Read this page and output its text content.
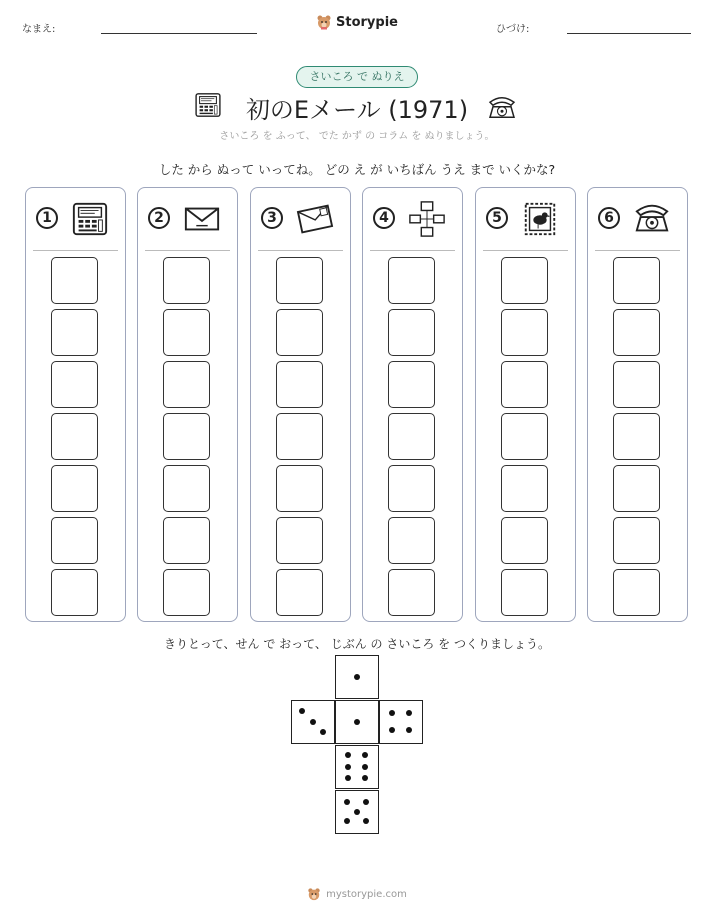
なまえ:	Storypie	ひづけ:
さいころ で ぬりえ
初のEメール (1971)
さいころ を ふって、 でた かず の コラム を ぬりましょう。
した から ぬって いってね。 どの え が いちばん うえ まで いくかな?
1	2	3	4	5	6
きりとって、せん で おって、 じぶん の さいころ を つくりましょう。
mystorypie.com
